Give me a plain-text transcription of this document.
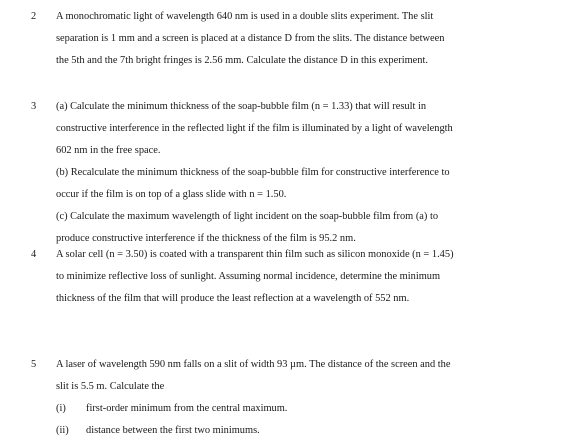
2 A monochromatic light of wavelength 640 nm is used in a double slits experiment. The slit
separation is 1 mm and a screen is placed at a distance D from the slits. The distance between
the 5th and the 7th bright fringes is 2.56 mm. Calculate the distance D in this experiment.
3 (a) Calculate the minimum thickness of the soap-bubble film (n = 1.33) that will result in
constructive interference in the reflected light if the film is illuminated by a light of wavelength
602 nm in the free space.
(b) Recalculate the minimum thickness of the soap-bubble film for constructive interference to
occur if the film is on top of a glass slide with n = 1.50.
(c) Calculate the maximum wavelength of light incident on the soap-bubble film from (a) to
produce constructive interference if the thickness of the film is 95.2 nm.
4 A solar cell (n = 3.50) is coated with a transparent thin film such as silicon monoxide (n = 1.45)
to minimize reflective loss of sunlight. Assuming normal incidence, determine the minimum
thickness of the film that will produce the least reflection at a wavelength of 552 nm.
5 A laser of wavelength 590 nm falls on a slit of width 93 µm. The distance of the screen and the
slit is 5.5 m. Calculate the
(i) first-order minimum from the central maximum.
(ii) distance between the first two minimums.
